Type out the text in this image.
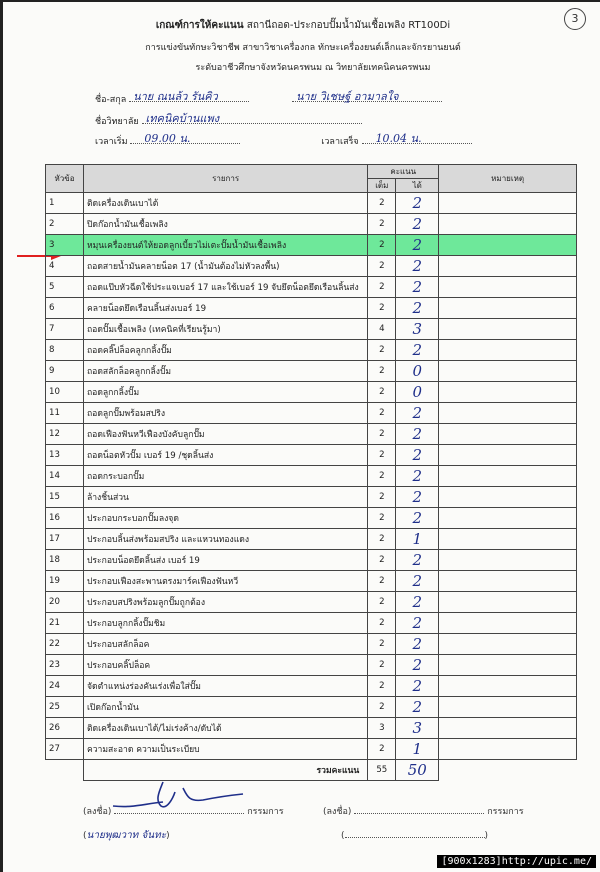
3
เกณฑ์การให้คะแนน สถานีถอด-ประกอบปั๊มน้ำมันเชื้อเพลิง RT100Di
การแข่งขันทักษะวิชาชีพ สาขาวิชาเครื่องกล ทักษะเครื่องยนต์เล็กและจักรยานยนต์
ระดับอาชีวศึกษาจังหวัดนครพนม ณ วิทยาลัยเทคนิคนครพนม
ชื่อ-สกุล นาย ณนล้ว รันคิว
	นาย วิเชษฐ์ อามาลใจ
ชื่อวิทยาลัย เทคนิคบ้านแพง
เวลาเริ่ม 09.00 น.	เวลาเสร็จ 10.04 น.
หัวข้อ	รายการ	คะแนน		หมายเหตุ
		เต็ม	ได้	
1	ติดเครื่องเดินเบาได้	2	2	
2	ปิดก๊อกน้ำมันเชื้อเพลิง	2	2	
3	หมุนเครื่องยนต์ให้ยอดลูกเบี้ยวไม่เตะปั๊มน้ำมันเชื้อเพลิง	2	2	
4	ถอดสายน้ำมันคลายน็อต 17 (น้ำมันต้องไม่หัวลงพื้น)	2	2	
5	ถอดแป๊บหัวฉีดใช้ประแจเบอร์ 17 และใช้เบอร์ 19 จับยึดน็อตยึดเรือนลิ้นส่ง	2	2	
6	คลายน็อตยึดเรือนลิ้นส่งเบอร์ 19	2	2	
7	ถอดปั๊มเชื้อเพลิง (เทคนิคที่เรียนรู้มา)	4	3	
8	ถอดคลิ๊ปล็อคลูกกลิ้งปั๊ม	2	2	
9	ถอดสลักล็อคลูกกลิ้งปั๊ม	2	0	
10	ถอดลูกกลิ้งปั๊ม	2	0	
11	ถอดลูกปั๊มพร้อมสปริง	2	2	
12	ถอดเฟืองฟันหวีเฟืองบังคับลูกปั๊ม	2	2	
13	ถอดน็อตหัวปั๊ม เบอร์ 19 /ชุดลิ้นส่ง	2	2	
14	ถอดกระบอกปั๊ม	2	2	
15	ล้างชิ้นส่วน	2	2	
16	ประกอบกระบอกปั๊มลงจุด	2	2	
17	ประกอบลิ้นส่งพร้อมสปริง และแหวนทองแดง	2	1	
18	ประกอบน็อตยึดลิ้นส่ง เบอร์ 19	2	2	
19	ประกอบเฟืองสะพานตรงมาร์คเฟืองฟันหวี	2	2	
20	ประกอบสปริงพร้อมลูกปั๊มถูกต้อง	2	2	
21	ประกอบลูกกลิ้งปั๊มชิม	2	2	
22	ประกอบสลักล็อค	2	2	
23	ประกอบคลิ๊ปล็อค	2	2	
24	จัดตำแหน่งร่องคันเร่งเพื่อใส่ปั๊ม	2	2	
25	เปิดก๊อกน้ำมัน	2	2	
26	ติดเครื่องเดินเบาได้/ไม่เร่งค้าง/ดับได้	3	3	
27	ความสะอาด ความเป็นระเบียบ	2	1	
	รวมคะแนน	55	50	
(ลงชื่อ)	กรรมการ
(นายพุฒวาท จันทะ)
(ลงชื่อ)	กรรมการ
(	)
[900x1283]http://upic.me/
